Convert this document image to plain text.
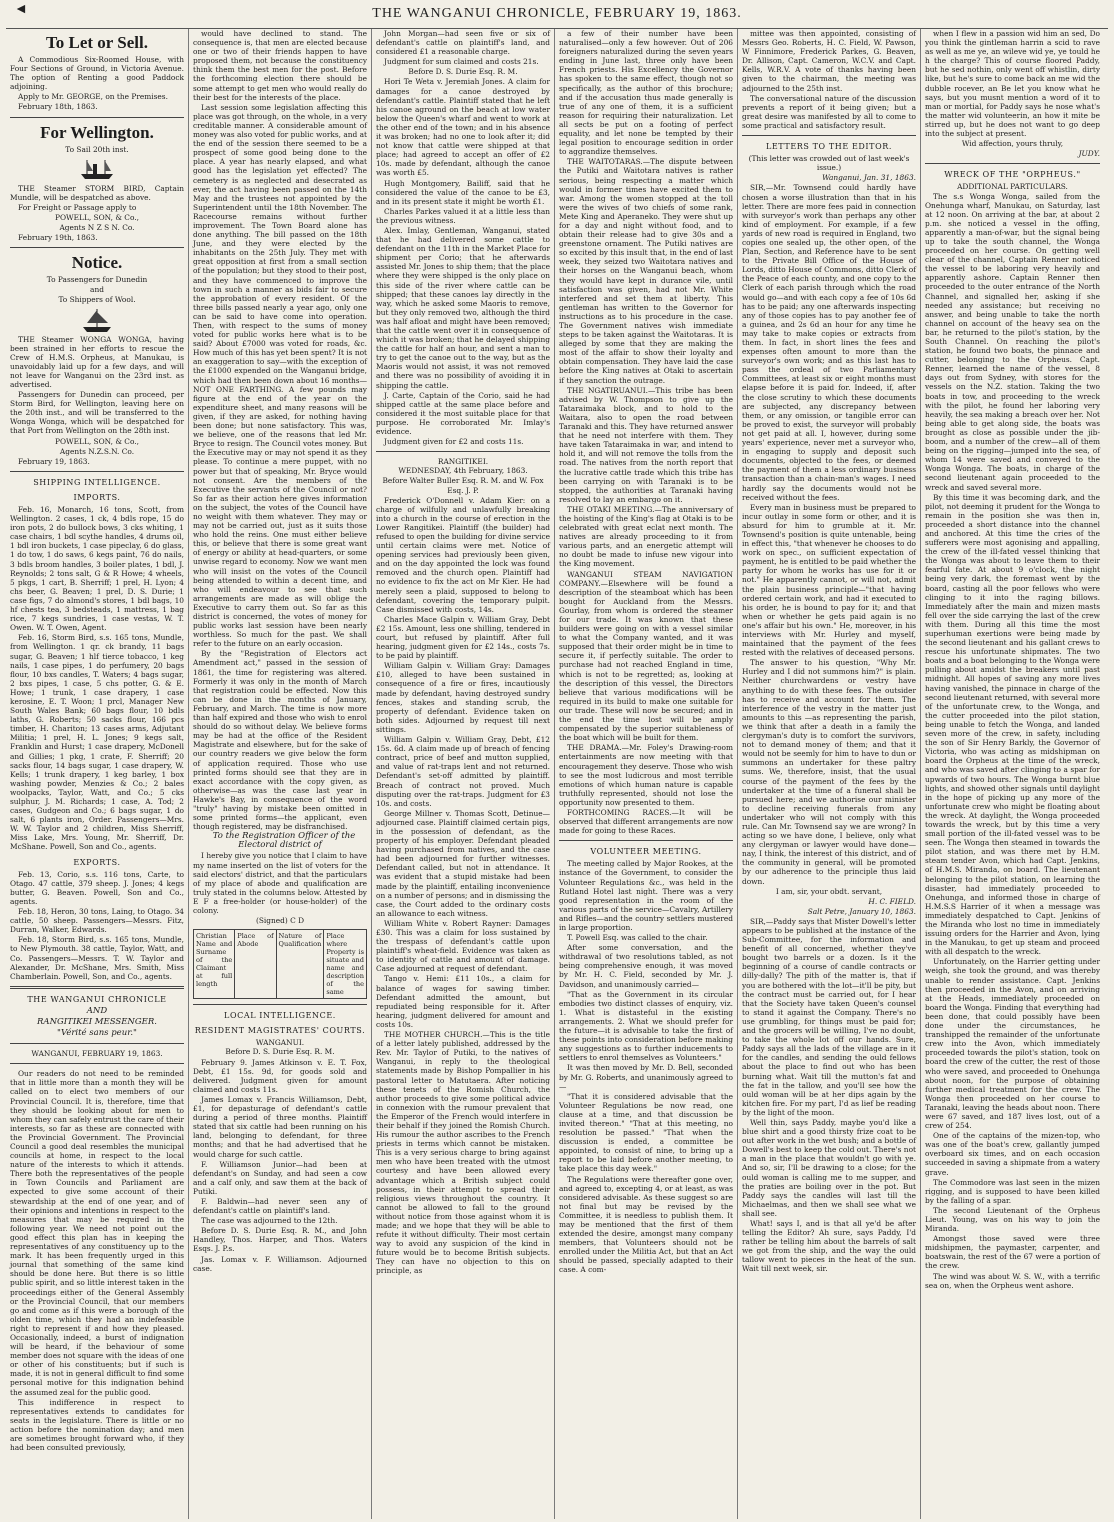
◄	THE WANGANUI CHRONICLE, FEBRUARY 19, 1863.
To Let or Sell.

A Commodious Six-Roomed House, with Four Sections of Ground, in Victoria Avenue. The option of Renting a good Paddock adjoining.

Apply to Mr. GEORGE, on the Premises.

February 18th, 1863.

For Wellington.

To Sail 20th inst.

THE Steamer STORM BIRD, Captain Mundle, will be despatched as above.

For Freight or Passage apply to

POWELL, SON, & Co.,

Agents N Z S N. Co.

February 19th, 1863.

Notice.

To Passengers for Dunedin

and

To Shippers of Wool.

THE Steamer WONGA WONGA, having been strained in her efforts to rescue the Crew of H.M.S. Orpheus, at Manukau, is unavoidably laid up for a few days, and will not leave for Wanganui on the 23rd inst. as advertised.

Passengers for Dunedin can proceed, per Storm Bird, for Wellington, leaving here on the 20th inst., and will be transferred to the Wonga Wonga, which will be despatched for that Port from Wellington on the 28th inst.

POWELL, SON, & Co.,

Agents N.Z.S.N. Co.

February 19, 1863.

SHIPPING INTELLIGENCE.
IMPORTS.

Feb. 16, Monarch, 16 tons, Scott, from Wellington. 2 cases, 1 ck, 4 bdls rope, 15 do iron pots, 2 do bullock bows, 3 cks whiting, 1 case chairs, 1 bdl scythe handles, 4 drums oil, 1 bdl iron buckets, 1 case pipeclay, 6 do glass, 1 do tow, 1 do saws, 6 kegs paint, 76 do nails, 3 bdls broom handles, 3 boiler plates, 1 bdl, J. Reynolds; 2 tons salt, G & R Howe; 4 wheels, 5 pkgs, 1 cart, B. Sherriff; 1 prel, H. Lyon; 4 chs beer, G. Beaven; 1 prel, D. S. Durie; 1 case figs, 7 do almond's stores, 1 bdl bags, 10 hf chests tea, 3 bedsteads, 1 mattress, 1 bag rice, 7 kegs sundries, 1 case vestas, W. T. Owen. W. T. Owen, Agent.

Feb. 16, Storm Bird, s.s. 165 tons, Mundle, from Wellington. 1 qr. ck brandy, 11 bags sugar, G. Beaven; 1 hlf tierce tobacco, 1 keg nails, 1 case pipes, 1 do perfumery, 20 bags flour, 10 bxs candles, T. Waters; 4 bags sugar, 2 bxs pipes, 1 case, 5 chs potter, G. & E. Howe; 1 trunk, 1 case drapery, 1 case kerosine, E. T. Woon; 1 prcl, Manager New South Wales Bank; 60 bags flour, 10 bdls laths, G. Roberts; 50 sacks flour, 166 pcs timber, H. Chariton; 13 cases arms, Adjutant Militia; 1 prel, H. L. Jones; 9 kegs salt, Franklin and Hurst; 1 case drapery, McDonell and Gillies; 1 pkg, 1 crate, F. Sherriff; 20 sacks flour, 14 bags sugar, 1 case drapery, W. Kells; 1 trunk drapery, 1 keg barley, 1 box washing powder, Menzies & Co.; 2 bales woolpacks, Taylor, Watt, and Co.; 5 cks sulphur, J. M. Richards; 1 case, A. Tod; 2 cases, Gudgeon and Co.; 6 bags sugar, 1 do salt, 6 plants iron, Order. Passengers—Mrs. W. W. Taylor and 2 children, Miss Sherriff, Miss Lake, Mrs. Young, Mr. Sherriff, Dr. McShane. Powell, Son and Co., agents.

EXPORTS.

Feb. 13, Corio, s.s. 116 tons, Carte, to Otago. 47 cattle, 379 sheep. J. Jones; 4 kegs butter, G. Beaven. Powell, Son and Co., agents.

Feb. 18, Heron, 30 tons, Laing, to Otago. 34 cattle, 50 sheep. Passengers—Messrs. Fitz, Durran, Walker, Edwards.

Feb. 18, Storm Bird, s.s. 165 tons, Mundle, to New Plymouth. 38 cattle, Taylor, Watt, and Co. Passengers—Messrs. T. W. Taylor and Alexander, Dr. McShane, Mrs. Smith, Miss Chamberlain. Powell, Son, and Co., agents.

THE WANGANUI CHRONICLE
AND
RANGITIKEI MESSENGER.
"Vérité sans peur."
WANGANUI, FEBRUARY 19, 1863.

Our readers do not need to be reminded that in little more than a month they will be called on to elect two members of our Provincial Council. It is, therefore, time that they should be looking about for men to whom they can safely entrust the care of their interests, so far as these are connected with the Provincial Government. The Provincial Council a good deal resembles the municipal councils at home, in respect to the local nature of the interests to which it attends. There both the representatives of the people in Town Councils and Parliament are expected to give some account of their stewardship at the end of one year, and of their opinions and intentions in respect to the measures that may be required in the following year. We need not point out the good effect this plan has in keeping the representatives of any constituency up to the mark. It has been frequently urged in this journal that something of the same kind should be done here. But there is so little public spirit, and so little interest taken in the proceedings either of the General Assembly or the Provincial Council, that our members go and come as if this were a borough of the olden time, which they had an indefeasible right to represent if and how they pleased. Occasionally, indeed, a burst of indignation will be heard, if the behaviour of some member does not square with the ideas of one or other of his constituents; but if such is made, it is not in general difficult to find some personal motive for this indignation behind the assumed zeal for the public good.

This indifference in respect to representatives extends to candidates for seats in the legislature. There is little or no action before the nomination day; and men are sometimes brought forward who, if they had been consulted previously,

would have declined to stand. The consequence is, that men are elected because one or two of their friends happen to have proposed them, not because the constituency think them the best men for the post. Before the forthcoming election there should be some attempt to get men who would really do their best for the interests of the place.

Last session some legislation affecting this place was got through, on the whole, in a very creditable manner. A considerable amount of money was also voted for public works, and at the end of the session there seemed to be a prospect of some good being done to the place. A year has nearly elapsed, and what good has the legislation yet effected? The cemetery is as neglected and desecrated as ever, the act having been passed on the 14th May and the trustees not appointed by the Superintendent until the 18th November. The Racecourse remains without further improvement. The Town Board alone has done anything. The bill passed on the 18th June, and they were elected by the inhabitants on the 25th July. They met with great opposition at first from a small section of the population; but they stood to their post, and they have commenced to improve the town in such a manner as bids fair to secure the approbation of every resident. Of the three bills passed nearly a year ago, only one can be said to have come into operation. Then, with respect to the sums of money voted for public works here what is to be said? About £7000 was voted for roads, &c. How much of this has yet been spent? It is not an exaggeration to say—with the exception of the £1000 expended on the Wanganui bridge, which had then been down about 16 months—NOT ONE FARTHING. A few pounds may figure at the end of the year on the expenditure sheet, and many reasons will be given, if they are asked, for nothing having been done; but none satisfactory. This was, we believe, one of the reasons that led Mr. Bryce to resign. The Council votes money. But the Executive may or may not spend it as they please. To continue a mere puppet, with no power but that of speaking, Mr. Bryce would not consent. Are the members of the Executive the servants of the Council or not? So far as their action here gives information on the subject, the votes of the Council have no weight with them whatever. They may or may not be carried out, just as it suits those who hold the reins. One must either believe this, or believe that there is some great want of energy or ability at head-quarters, or some unwise regard to economy. Now we want men who will insist on the votes of the Council being attended to within a decent time, and who will endeavour to see that such arrangements are made as will oblige the Executive to carry them out. So far as this district is concerned, the votes of money for public works last session have been nearly worthless. So much for the past. We shall refer to the future on an early occasion.

By the "Registration of Electors act Amendment act," passed in the session of 1861, the time for registering was altered. Formerly it was only in the month of March that registration could be effected. Now this can be done in the months of January, February, and March. The time is now more than half expired and those who wish to enrol should do so without delay. We believe forms may be had at the office of the Resident Magistrate and elsewhere, but for the sake of our country readers we give below the form of application required. Those who use printed forms should see that they are in exact accordance with the copy given, as otherwise—as was the case last year in Hawke's Bay, in consequence of the word "truly" having by mistake been omitted in some printed forms—the applicant, even though registered, may be disfranchised.

To the Registration Officer of the Electoral district of

I hereby give you notice that I claim to have my name inserted on the list of voters for the said electors' district, and that the particulars of my place of abode and qualification are truly stated in the columns below. Attested by E F a free-holder (or house-holder) of the colony.

(Signed) C D

Christian Name and Surname of the Claimant at full length
Place of Abode
Nature of Qualification
Place where Property is situate and name and description of the same
LOCAL INTELLIGENCE.
RESIDENT MAGISTRATES' COURTS.
WANGANUI.

Before D. S. Durie Esq. R. M.

February 9. James Atkinson v. E. T. Fox, Debt, £1 15s. 9d, for goods sold and delivered. Judgment given for amount claimed and costs 11s.

James Lomax v. Francis Williamson, Debt, £1, for depasturage of defendant's cattle during a period of three months. Plaintiff stated that six cattle had been running on his land, belonging to defendant, for three months; and that he had advertised that he would charge for such cattle.

F. Williamson Junior—had been at defendant's on Sunday, and had seen a cow and a calf only, and saw them at the back of Putiki.

F. Baldwin—had never seen any of defendant's cattle on plaintiff's land.

The case was adjourned to the 12th.

Before D. S. Durie Esq. R. M., and John Handley, Thos. Harper, and Thos. Waters Esqs. J. P.s.

Jas. Lomax v. F. Williamson. Adjourned case.

John Morgan—had seen five or six of defendant's cattle on plaintiff's land, and considered £1 a reasonable charge.

Judgment for sum claimed and costs 21s.

Before D. S. Durie Esq. R. M.

Hori Te Weta v. Jeremiah Jones. A claim for damages for a canoe destroyed by defendant's cattle. Plaintiff stated that he left his canoe aground on the beach at low water below the Queen's wharf and went to work at the other end of the town; and in his absence it was broken; had no one to look after it; did not know that cattle were shipped at that place; had agreed to accept an offer of £2 10s. made by defendant, although the canoe was worth £5.

Hugh Montgomery, Bailiff, said that he considered the value of the canoe to be £3, and in its present state it might be worth £1.

Charles Parkes valued it at a little less than the previous witness.

Alex. Imlay, Gentleman, Wanganui, stated that he had delivered some cattle to defendant on the 11th in the Market Place for shipment per Corio; that he afterwards assisted Mr. Jones to ship them; that the place where they were shipped is the only place on this side of the river where cattle can be shipped; that these canoes lay directly in the way, which he asked some Maoris to remove, but they only removed two, although the third was half afloat and might have been removed; that the cattle went over it in consequence of which it was broken; that he delayed shipping the cattle for half an hour, and sent a man to try to get the canoe out to the way, but as the Maoris would not assist, it was not removed and there was no possibility of avoiding it in shipping the cattle.

J. Carte, Captain of the Corio, said he had shipped cattle at the same place before and considered it the most suitable place for that purpose. He corroborated Mr. Imlay's evidence.

Judgment given for £2 and costs 11s.

RANGITIKEI.

WEDNESDAY, 4th February, 1863.

Before Walter Buller Esq. R. M. and W. Fox Esq. J. P.

Frederick O'Donnell v. Adam Kier: on a charge of wilfully and unlawfully breaking into a church in the course of erection in the Lower Rangitikei. Plaintiff (the builder) had refused to open the building for divine service until certain claims were met. Notice of opening services had previously been given, and on the day appointed the lock was found removed and the church open. Plaintiff had no evidence to fix the act on Mr Kier. He had merely seen a plaid, supposed to belong to defendant, covering the temporary pulpit. Case dismissed with costs, 14s.

Charles Mace Galpin v. William Gray, Debt £2 15s. Amount, less one shilling, tendered in court, but refused by plaintiff. After full hearing, judgment given for £2 14s., costs 7s. to be paid by plaintiff.

William Galpin v. William Gray: Damages £10, alleged to have been sustained in consequence of a fire or fires, incautiously made by defendant, having destroyed sundry fences, stakes and standing scrub, the property of defendant. Evidence taken on both sides. Adjourned by request till next sittings.

William Galpin v. William Gray, Debt, £12 15s. 6d. A claim made up of breach of fencing contract, price of beef and mutton supplied, and value of rat-traps lent and not returned. Defendant's set-off admitted by plaintiff. Breach of contract not proved. Much disputing over the rat-traps. Judgment for £3 10s. and costs.

George Millner v. Thomas Scott, Detinue—adjourned case. Plaintiff claimed certain pigs, in the possession of defendant, as the property of his employer. Defendant pleaded having purchased from natives, and the case had been adjourned for further witnesses. Defendant called, but not in attendance. It was evident that a stupid mistake had been made by the plaintiff, entailing inconvenience on a number of persons; and in dismissing the case, the Court added to the ordinary costs an allowance to each witness.

William White v. Robert Rayner: Damages £30. This was a claim for loss sustained by the trespass of defendant's cattle upon plaintiff's wheat-field. Evidence was taken as to identity of cattle and amount of damage. Case adjourned at request of defendant.

Tango v. Hemi: £11 10s., a claim for balance of wages for sawing timber. Defendant admitted the amount, but repudiated being responsible for it. After hearing, judgment delivered for amount and costs 10s.

THE MOTHER CHURCH.—This is the title of a letter lately published, addressed by the Rev. Mr. Taylor of Putiki, to the natives of Wanganui, in reply to the theological statements made by Bishop Pompallier in his pastoral letter to Matutaera. After noticing these tenets of the Romish Church, the author proceeds to give some political advice in connexion with the rumour prevalent that the Emperor of the French would interfere in their behalf if they joined the Romish Church. His rumour the author ascribes to the French priests in terms which cannot be mistaken. This is a very serious charge to bring against men who have been treated with the utmost courtesy and have been allowed every advantage which a British subject could possess, in their attempt to spread their religious views throughout the country. It cannot be allowed to fall to the ground without notice from those against whom it is made; and we hope that they will be able to refute it without difficulty. Their most certain way to avoid any suspicion of the kind in future would be to become British subjects. They can have no objection to this on principle, as

a few of their number have been naturalised—only a few however. Out of 206 foreigners naturalized during the seven years ending in June last, three only have been French priests. His Excellency the Governor has spoken to the same effect, though not so specifically, as the author of this brochure; and if the accusation thus made generally is true of any one of them, it is a sufficient reason for requiring their naturalization. Let all sects be put on a footing of perfect equality, and let none be tempted by their legal position to encourage sedition in order to aggrandize themselves.

THE WAITOTARAS.—The dispute between the Putiki and Waitotara natives is rather serious, being respecting a matter which would in former times have excited them to war. Among the women stopped at the toll were the wives of two chiefs of some rank, Mete King and Aperaneko. They were shut up for a day and night without food, and to obtain their release had to give 30s and a greenstone ornament. The Putiki natives are so excited by this insult that, in the end of last week, they seized two Waitotara natives and their horses on the Wanganui beach, whom they would have kept in durance vile, until satisfaction was given, had not Mr. White interfered and set them at liberty. This gentleman has written to the Governor for instructions as to his procedure in the case. The Government natives wish immediate steps to be taken against the Waitotaras. It is alleged by some that they are making the most of the affair to show their loyalty and obtain compensation. They have laid the case before the King natives at Otaki to ascertain if they sanction the outrage.

THE NGATIRUANUI.—This tribe has been advised by W. Thompson to give up the Tataraimaka block, and to hold to the Waitara, also to open the road between Taranaki and this. They have returned answer that he need not interfere with them. They have taken Tataraimaka in war, and intend to hold it, and will not remove the tolls from the road. The natives from the north report that the lucrative cattle trade which this tribe has been carrying on with Taranaki is to be stopped, the authorities at Taranaki having resolved to lay an embargo on it.

THE OTAKI MEETING.—The anniversary of the hoisting of the King's flag at Otaki is to be celebrated with great eclat next month. The natives are already proceeding to it from various parts, and an energetic attempt will no doubt be made to infuse new vigour into the King movement.

WANGANUI STEAM NAVIGATION COMPANY.—Elsewhere will be found a description of the steamboat which has been bought for Auckland from the Messrs. Gourlay, from whom is ordered the steamer for our trade. It was known that these builders were going on with a vessel similar to what the Company wanted, and it was supposed that their order might be in time to secure it, if perfectly suitable. The order to purchase had not reached England in time, which is not to be regretted; as, looking at the description of this vessel, the Directors believe that various modifications will be required in its build to make one suitable for our trade. These will now be secured; and in the end the time lost will be amply compensated by the superior suitableness of the boat which will be built for them.

THE DRAMA.—Mr. Foley's Drawing-room entertainments are now meeting with that encouragement they deserve. Those who wish to see the most ludicrous and most terrible emotions of which human nature is capable truthfully represented, should not lose the opportunity now presented to them.

FORTHCOMING RACES.—It will be observed that different arrangements are now made for going to these Races.

VOLUNTEER MEETING.

The meeting called by Major Rookes, at the instance of the Government, to consider the Volunteer Regulations &c., was held in the Rutland Hotel last night. There was a very good representation in the room of the various parts of the service—Cavalry, Artillery and Rifles—and the country settlers mustered in large proportion.

T. Powell Esq. was called to the chair.

After some conversation, and the withdrawal of two resolutions tabled, as not being comprehensive enough, it was moved by Mr. H. C. Field, seconded by Mr. J. Davidson, and unanimously carried—

"That as the Government in its circular embodies two distinct classes of enquiry, viz. 1. What is distasteful in the existing arrangements. 2. What we should prefer for the future—it is advisable to take the first of these points into consideration before making any suggestions as to further inducements to settlers to enrol themselves as Volunteers."

It was then moved by Mr. D. Bell, seconded by Mr. G. Roberts, and unanimously agreed to—

"That it is considered advisable that the Volunteer Regulations be now read, one clause at a time, and that discussion be invited thereon." "That at this meeting, no resolution be passed." "That when the discussion is ended, a committee be appointed, to consist of nine, to bring up a report to be laid before another meeting, to take place this day week."

The Regulations were thereafter gone over, and agreed to, excepting 4, or at least, as was considered advisable. As these suggest so are not final but may be revised by the Committee, it is needless to publish them. It may be mentioned that the first of them extended the desire, amongst many company members, that Volunteers should not be enrolled under the Militia Act, but that an Act should be passed, specially adapted to their case. A com-

mittee was then appointed, consisting of Messrs Geo. Roberts, H. C. Field, W. Pawson, W Finnimore, Frederick Parkes, G. Beaven, Dr. Allison, Capt. Cameron, W.C.V. and Capt. Kells, W.R.V. A vote of thanks having been given to the chairman, the meeting was adjourned to the 25th inst.

The conversational nature of the discussion prevents a report of it being given; but a great desire was manifested by all to come to some practical and satisfactory result.

LETTERS TO THE EDITOR.

(This letter was crowded out of last week's issue.)

Wanganui, Jan. 31, 1863.

SIR,—Mr. Townsend could hardly have chosen a worse illustration than that in his letter. There are more fees paid in connection with surveyor's work than perhaps any other kind of employment. For example, if a few yards of new road is required in England, two copies one sealed up, the other open, of the Plan, Section, and Reference have to be sent to the Private Bill Office of the House of Lords, ditto House of Commons, ditto Clerk of the Peace of each county, and one copy to the Clerk of each parish through which the road would go—and with each copy a fee of 10s 6d has to be paid; any one afterwards inspecting any of those copies has to pay another fee of a guinea, and 2s 6d an hour for any time he may take to make copies or extracts from them. In fact, in short lines the fees and expenses often amount to more than the surveyor's own work; and as this last has to pass the ordeal of two Parliamentary Committees, at least six or eight months must elapse before it is paid for. Indeed, if, after the close scrutiny to which these documents are subjected, any discrepancy between them, or any omission, or tangible error can be proved to exist, the surveyor will probably not get paid at all. I, however, during some years' experience, never met a surveyor who, in engaging to supply and deposit such documents, objected to the fees, or deemed the payment of them a less ordinary business transaction than a chain-man's wages. I need hardly say the documents would not be received without the fees.

Every man in business must be prepared to incur outlay in some form or other, and it is absurd for him to grumble at it. Mr. Townsend's position is quite untenable, being in effect this, "that whenever he chooses to do work on spec., on sufficient expectation of payment, he is entitled to be paid whether the party for whom he works has use for it or not." He apparently cannot, or will not, admit the plain business principle—"that having ordered certain work, and had it executed to his order, he is bound to pay for it; and that when or whether he gets paid again is no one's affair but his own." He, moreover, in his interviews with Mr. Hurley and myself, maintained that the payment of the fees rested with the relatives of deceased persons.

The answer to his question, "Why Mr. Hurley and I did not summons him?" is plain. Neither churchwardens or vestry have anything to do with these fees. The outsider has to receive and account for them. The interference of the vestry in the matter just amounts to this —as representing the parish, we think that after a death in a family the clergyman's duty is to comfort the survivors, not to demand money of them; and that it would not be seemly for him to have to dun or summons an undertaker for these paltry sums. We, therefore, insist, that the usual course of the payment of the fees by the undertaker at the time of a funeral shall be pursued here; and we authorise our minister to decline receiving funerals from any undertaker who will not comply with this rule. Can Mr. Townsend say we are wrong? In acting so we have done, I believe, only what any clergyman or lawyer would have done—nay, I think, the interest of this district, and of the community in general, will be promoted by our adherence to the principle thus laid down.

I am, sir, your obdt. servant,

H. C. FIELD.

Salt Petre, January 10, 1863.

SIR,—Paddy says that Mister Dowell's letter appears to be published at the instance of the Sub-Committee, for the information and benefit of all concerned, whether they've bought two barrels or a dozen. Is it the beginning of a course of candle contracts or dilly-dally? The pith of the matter is, that if you are bothered with the lot—it'll be pity, but the contract must be carried out, for I hear that the Society have taken Queen's counsel to stand it against the Company. There's no use grumbling, for things must be paid for; and the grocers will be willing, I've no doubt, to take the whole lot off our hands. Sure, Paddy says all the lads of the village are in it for the candles, and sending the ould fellows about the place to find out who has been burning what. Wait till the mutton's fat and the fat in the tallow, and you'll see how the ould woman will be at her dips again by the kitchen fire. For my part, I'd as lief be reading by the light of the moon.

Well thin, says Paddy, maybe you'd like a blue shirt and a good thirsty frize coat to be out after work in the wet bush; and a bottle of Dowell's best to keep the cold out. There's not a man in the place that wouldn't go with ye. And so, sir, I'll be drawing to a close; for the ould woman is calling me to me supper, and the praties are boiling over in the pot. But Paddy says the candles will last till the Michaelmas, and then we shall see what we shall see.

What! says I, and is that all ye'd be after telling the Editor? Ah sure, says Paddy, I'd rather be telling him about the barrels of salt we got from the ship, and the way the ould tallow went to pieces in the heat of the sun. Wait till next week, sir.

when I flew in a passion wid him an sed, Do you think the gintleman harrin a scid to rave as well as me ye, an wileve wid ye, ye tould he h the charge? This of course floored Paddy, but he sed nothin, only went off whistlin, dirty like, but he's sure to come back an me wid the dubble rocever, an Be let you know what he says, but you musnt mention a word of it to man or mortial, for Paddy says he nose what's the matter wid volunteerin, an how it mite be stirred up, but he does not want to go deep into the subject at present.

Wid affection, yours thruly,

JUDY.

WRECK OF THE "ORPHEUS."
ADDITIONAL PARTICULARS.

The s.s Wonga Wonga, sailed from the Onehunga wharf, Manukau, on Saturday, last at 12 noon. On arriving at the bar, at about 2 p.m. she noticed a vessel in the offing, apparently a man-of-war, but the signal being up to take the south channel, the Wonga proceeded on her course. On getting well clear of the channel, Captain Renner noticed the vessel to be laboring very heavily and apparently ashore. Captain Renner then proceeded to the outer entrance of the North Channel, and signalled her, asking if she needed any assistance; but receiving no answer, and being unable to take the north channel on account of the heavy sea on the bar, he returned to the pilot's station, by the South Channel. On reaching the pilot's station, he found two boats, the pinnace and cutter, belonging to the Orpheus. Capt. Renner, learned the name of the vessel, 8 days out from Sydney, with stores for the vessels on the N.Z. station. Taking the two boats in tow, and proceeding to the wreck with the pilot, he found her laboring very heavily, the sea making a breach over her. Not being able to get along side, the boats was brought as close as possible under the jib-boom, and a number of the crew—all of them being on the rigging—jumped into the sea, of whom 14 were saved and conveyed to the Wonga Wonga. The boats, in charge of the second lieutenant again proceeded to the wreck and saved several more.

By this time it was becoming dark, and the pilot, not deeming it prudent for the Wonga to remain in the position she was then in, proceeded a short distance into the channel and anchored. At this time the cries of the sufferers were most agonising and appalling, the crew of the ill-fated vessel thinking that the Wonga was about to leave them to their fearful fate. At about 9 o'clock, the night being very dark, the foremast went by the board, casting all the poor fellows who were clinging to it into the raging billows. Immediately after the main and mizen masts fell over the side carrying the last of the crew with them. During all this time the most superhuman exertions were being made by the second lieutenant and his gallant crews to rescue his unfortunate shipmates. The two boats and a boat belonging to the Wonga were pulling about amidst the breakers until past midnight. All hopes of saving any more lives having vanished, the pinnace in charge of the second lieutenant returned, with several more of the unfortunate crew, to the Wonga, and the cutter proceeded into the pilot station, being unable to fetch the Wonga, and landed seven more of the crew, in safety, including the son of Sir Henry Barkly, the Governor of Victoria, who was acting as midshipman on board the Orpheus at the time of the wreck, and who was saved after clinging to a spar for upwards of two hours. The Wonga burnt blue lights, and showed other signals until daylight in the hope of picking up any more of the unfortunate crew who might be floating about the wreck. At daylight, the Wonga proceeded towards the wreck, but by this time a very small portion of the ill-fated vessel was to be seen. The Wonga then steamed in towards the pilot station, and was there met by H.M. steam tender Avon, which had Capt. Jenkins, of H.M.S. Miranda, on board. The lieutenant belonging to the pilot station, on learning the disaster, had immediately proceeded to Onehunga, and informed those in charge of H.M.S.S Harrier of it when a message was immediately despatched to Capt. Jenkins of the Miranda who lost no time in immediately issuing orders for the Harrier and Avon, lying in the Manukau, to get up steam and proceed with all despatch to the wreck.

Unfortunately, on the Harrier getting under weigh, she took the ground, and was thereby unable to render assistance. Capt. Jenkins then proceeded in the Avon, and on arriving at the Heads, immediately proceeded on board the Wonga. Finding that everything had been done, that could possibly have been done under the circumstances, he transhipped the remainder of the unfortunate crew into the Avon, which immediately proceeded towards the pilot's station, took on board the crew of the cutter, the rest of those who were saved, and proceeded to Onehunga about noon, for the purpose of obtaining further medical treatment for the crew. The Wonga then proceeded on her course to Taranaki, leaving the heads about noon. There were 67 saved, and 187 lives lost, out of a crew of 254.

One of the captains of the mizen-top, who was one of the boat's crew, gallantly jumped overboard six times, and on each occasion succeeded in saving a shipmate from a watery grave.

The Commodore was last seen in the mizen rigging, and is supposed to have been killed by the falling of a spar.

The second Lieutenant of the Orpheus Lieut. Young, was on his way to join the Miranda.

Amongst those saved were three midshipmen, the paymaster, carpenter, and boatswain, the rest of the 67 were a portion of the crew.

The wind was about W. S. W., with a terrific sea on, when the Orpheus went ashore.
